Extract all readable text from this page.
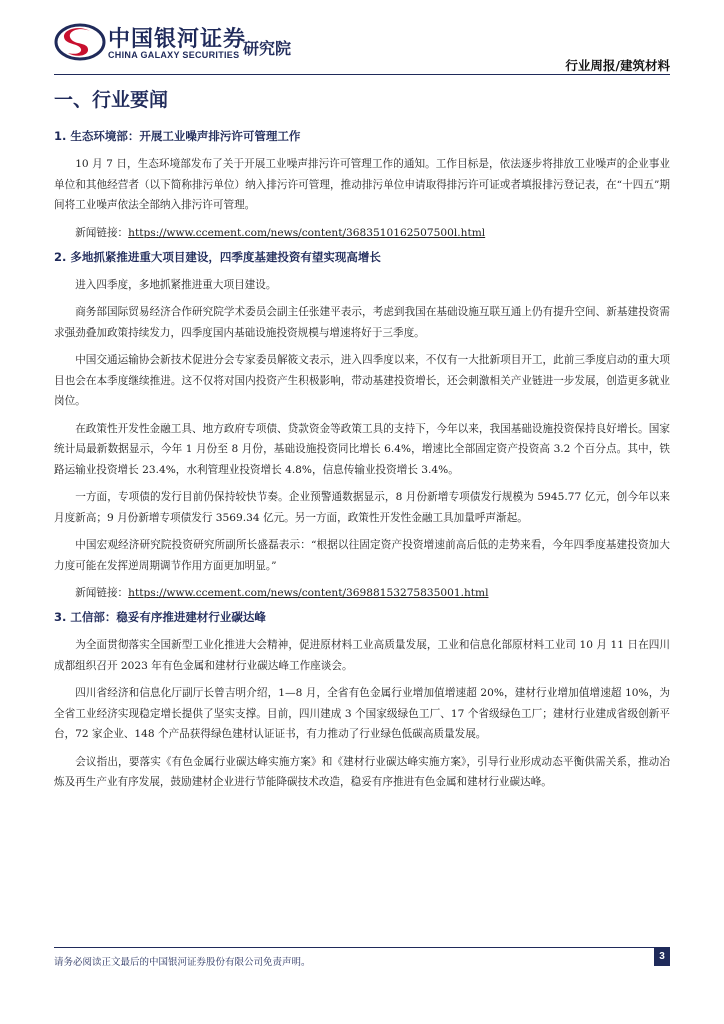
中国银河证券
CHINA GALAXY SECURITIES 研究院
行业周报/建筑材料
一、行业要闻
1. 生态环境部：开展工业噪声排污许可管理工作

10 月 7 日，生态环境部发布了关于开展工业噪声排污许可管理工作的通知。工作目标是，依法逐步将排放工业噪声的企业事业单位和其他经营者（以下简称排污单位）纳入排污许可管理，推动排污单位申请取得排污许可证或者填报排污登记表，在“十四五”期间将工业噪声依法全部纳入排污许可管理。

新闻链接：https://www.ccement.com/news/content/3683510162507500l.html
2. 多地抓紧推进重大项目建设，四季度基建投资有望实现高增长

进入四季度，多地抓紧推进重大项目建设。

商务部国际贸易经济合作研究院学术委员会副主任张建平表示，考虑到我国在基础设施互联互通上仍有提升空间、新基建投资需求强劲叠加政策持续发力，四季度国内基础设施投资规模与增速将好于三季度。

中国交通运输协会新技术促进分会专家委员解筱文表示，进入四季度以来，不仅有一大批新项目开工，此前三季度启动的重大项目也会在本季度继续推进。这不仅将对国内投资产生积极影响，带动基建投资增长，还会刺激相关产业链进一步发展，创造更多就业岗位。

在政策性开发性金融工具、地方政府专项债、贷款资金等政策工具的支持下，今年以来，我国基础设施投资保持良好增长。国家统计局最新数据显示，今年 1 月份至 8 月份，基础设施投资同比增长 6.4%，增速比全部固定资产投资高 3.2 个百分点。其中，铁路运输业投资增长 23.4%，水利管理业投资增长 4.8%，信息传输业投资增长 3.4%。

一方面，专项债的发行目前仍保持较快节奏。企业预警通数据显示，8 月份新增专项债发行规模为 5945.77 亿元，创今年以来月度新高；9 月份新增专项债发行 3569.34 亿元。另一方面，政策性开发性金融工具加量呼声渐起。

中国宏观经济研究院投资研究所副所长盛磊表示：“根据以往固定资产投资增速前高后低的走势来看，今年四季度基建投资加大力度可能在发挥逆周期调节作用方面更加明显。”

新闻链接：https://www.ccement.com/news/content/36988153275835001.html
3. 工信部：稳妥有序推进建材行业碳达峰

为全面贯彻落实全国新型工业化推进大会精神，促进原材料工业高质量发展，工业和信息化部原材料工业司 10 月 11 日在四川成都组织召开 2023 年有色金属和建材行业碳达峰工作座谈会。

四川省经济和信息化厅副厅长曾吉明介绍，1—8 月，全省有色金属行业增加值增速超 20%，建材行业增加值增速超 10%，为全省工业经济实现稳定增长提供了坚实支撑。目前，四川建成 3 个国家级绿色工厂、17 个省级绿色工厂；建材行业建成省级创新平台，72 家企业、148 个产品获得绿色建材认证证书，有力推动了行业绿色低碳高质量发展。

会议指出，要落实《有色金属行业碳达峰实施方案》和《建材行业碳达峰实施方案》，引导行业形成动态平衡供需关系，推动冶炼及再生产业有序发展，鼓励建材企业进行节能降碳技术改造，稳妥有序推进有色金属和建材行业碳达峰。

请务必阅读正文最后的中国银河证券股份有限公司免责声明。
3
